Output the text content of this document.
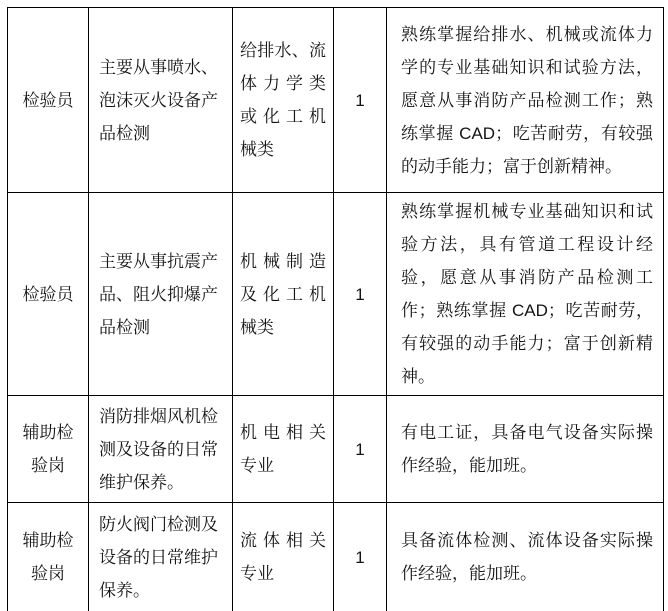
检验员	主要从事喷水、泡沫灭火设备产品检测	给排水、流
体力学类
或化工机
械类	1	熟练掌握给排水、机械或流体力学的专业基础知识和试验方法，愿意从事消防产品检测工作；熟练掌握 CAD；吃苦耐劳，有较强的动手能力；富于创新精神。
检验员	主要从事抗震产品、阻火抑爆产品检测	机械制造
及化工机
械类	1	熟练掌握机械专业基础知识和试验方法，具有管道工程设计经验，愿意从事消防产品检测工作；熟练掌握 CAD；吃苦耐劳，有较强的动手能力；富于创新精神。
辅助检验岗	消防排烟风机检测及设备的日常维护保养。	机电相关
专业	1	有电工证，具备电气设备实际操作经验，能加班。
辅助检验岗	防火阀门检测及设备的日常维护保养。	流体相关
专业	1	具备流体检测、流体设备实际操作经验，能加班。
